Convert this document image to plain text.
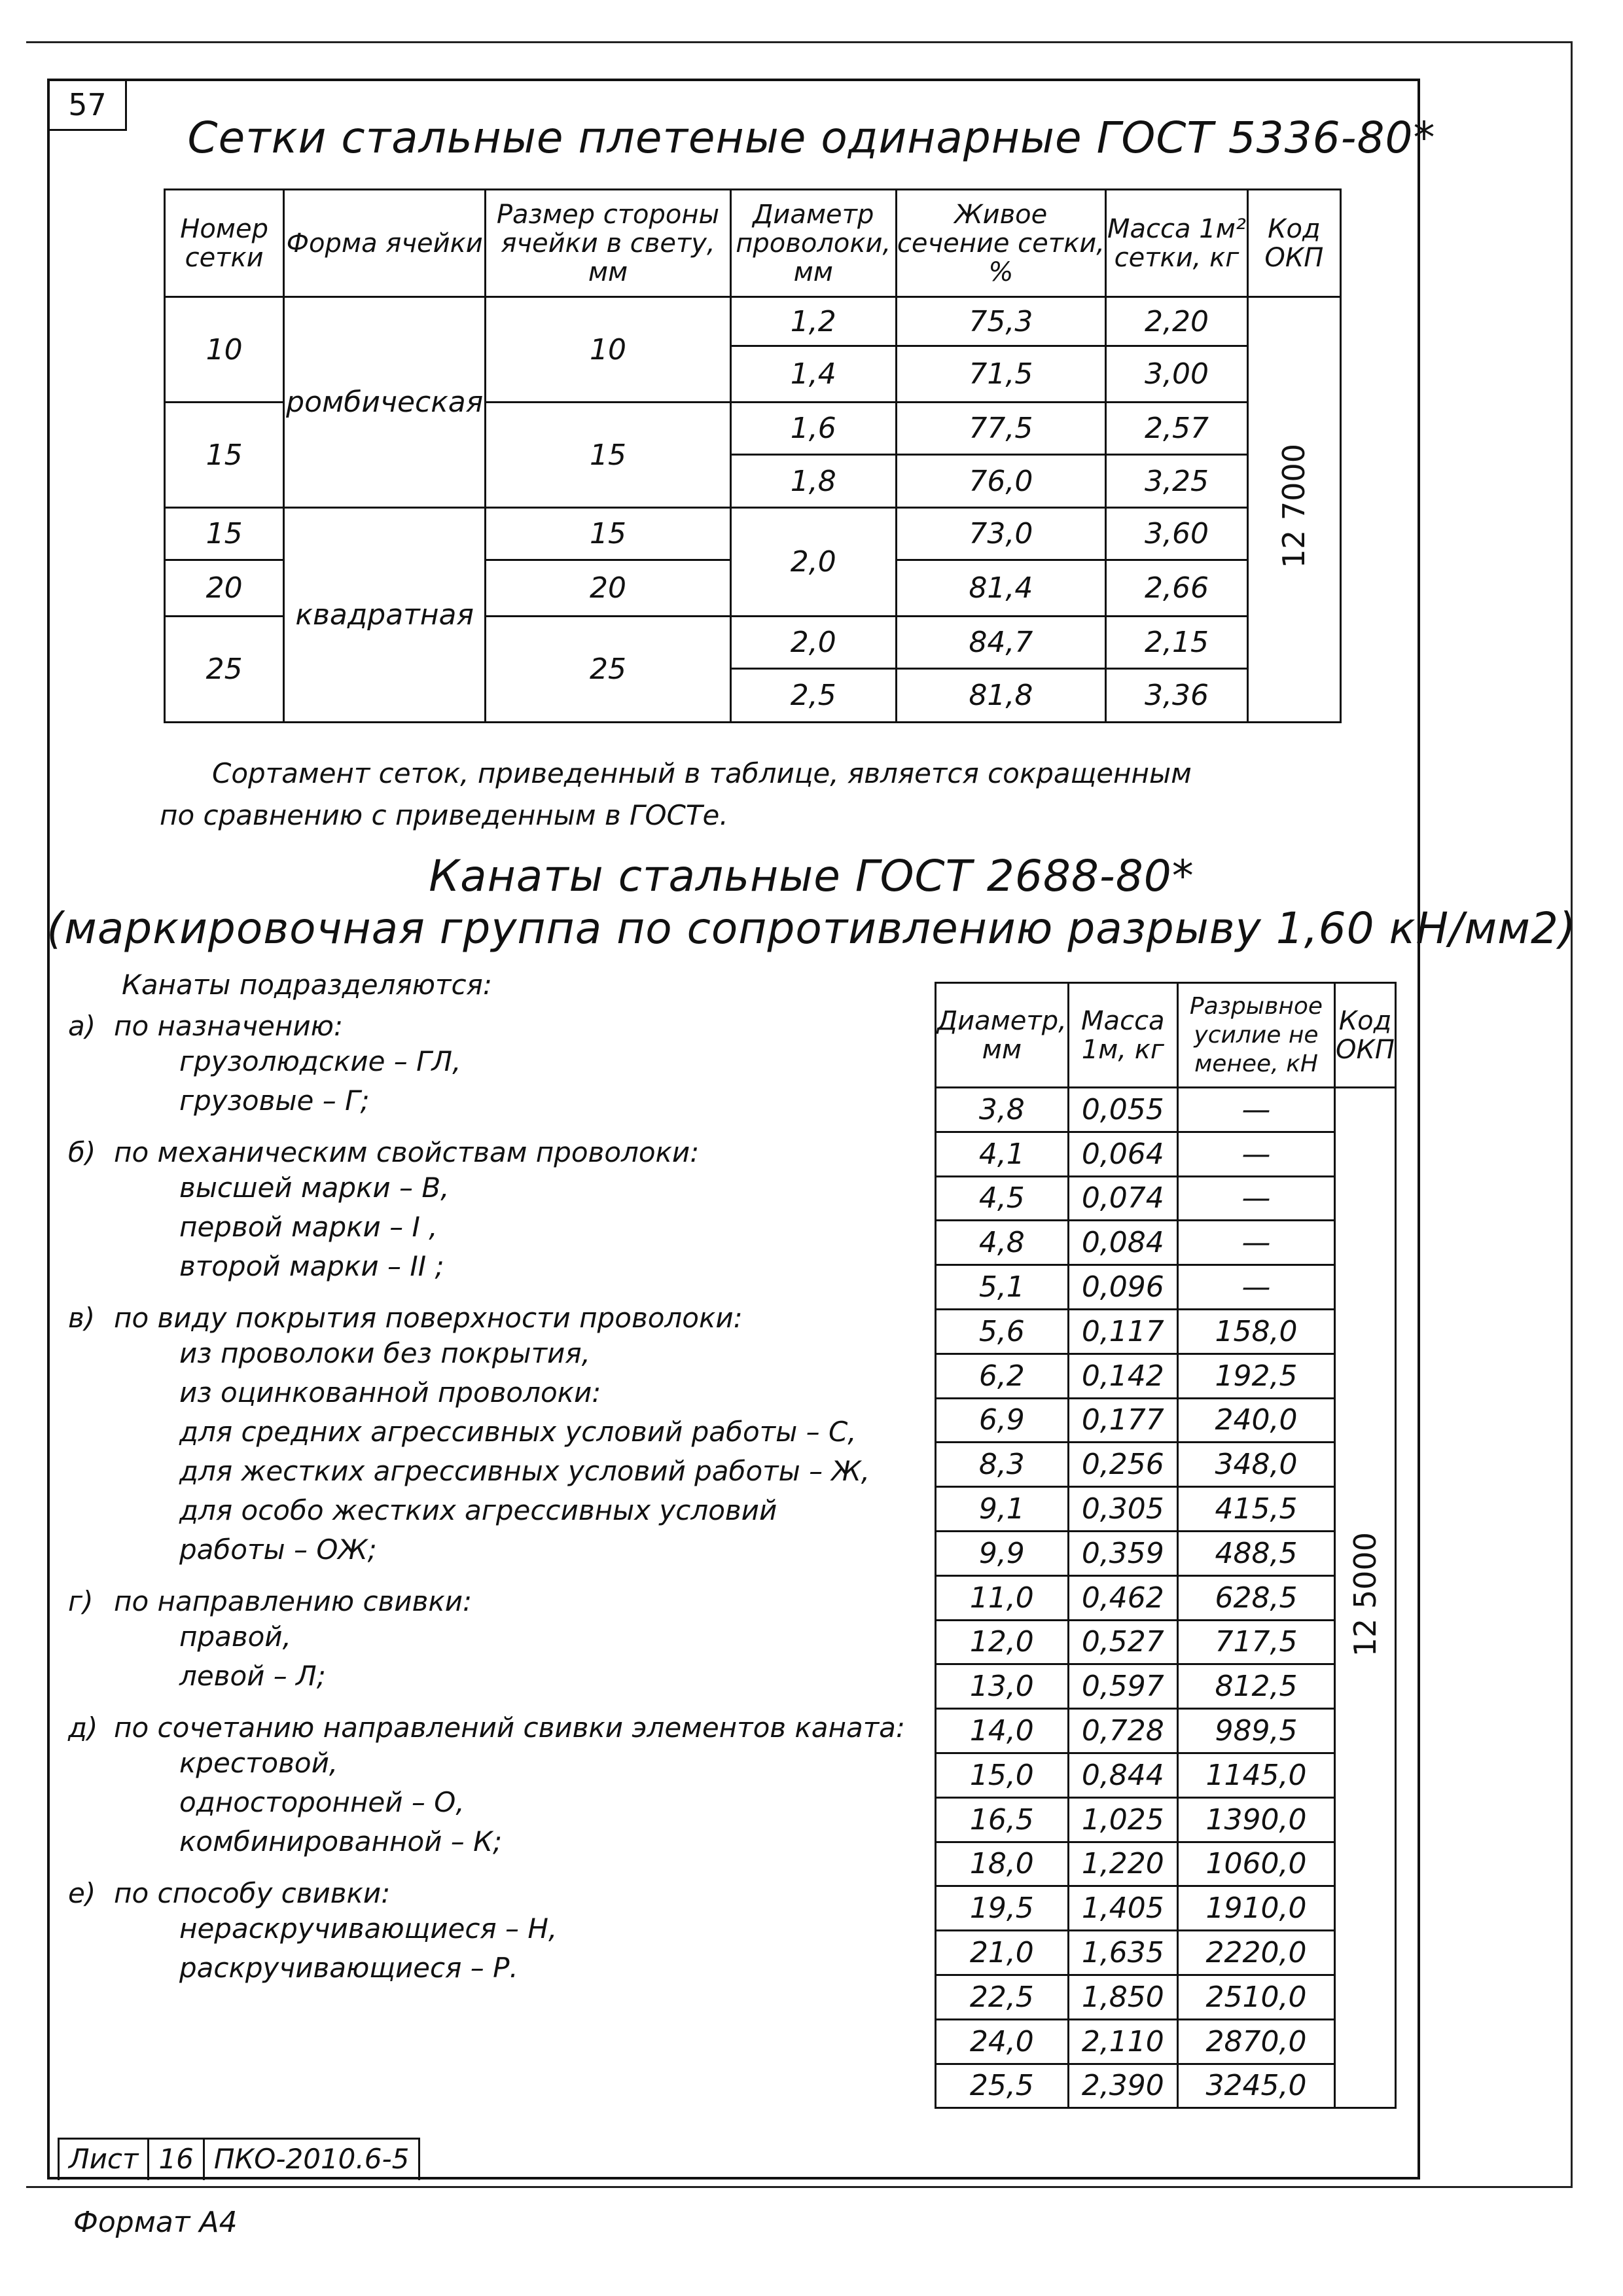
57
Сетки стальные плетеные одинарные ГОСТ 5336-80*
Номер сетки	Форма ячейки	Размер стороны ячейки в свету, мм	Диаметр проволоки, мм	Живое сечение сетки, %	Масса 1м² сетки, кг	Код ОКП
10	ромбическая	10	1,2	75,3	2,20	12 7000
			1,4	71,5	3,00	
15		15	1,6	77,5	2,57	
			1,8	76,0	3,25	
15	квадратная	15	2,0	73,0	3,60	
20		20		81,4	2,66	
25		25	2,0	84,7	2,15	
			2,5	81,8	3,36	
Сортамент сеток, приведенный в таблице, является сокращенным
по сравнению с приведенным в ГОСТе.
Канаты стальные ГОСТ 2688-80*
(маркировочная группа по сопротивлению разрыву 1,60 кН/мм2)
Канаты подразделяются:
а) по назначению:
грузолюдские – ГЛ,
грузовые – Г;
б) по механическим свойствам проволоки:
высшей марки – В,
первой марки – I ,
второй марки – II ;
в) по виду покрытия поверхности проволоки:
из проволоки без покрытия,
из оцинкованной проволоки:
для средних агрессивных условий работы – С,
для жестких агрессивных условий работы – Ж,
для особо жестких агрессивных условий
работы – ОЖ;
г) по направлению свивки:
правой,
левой – Л;
д) по сочетанию направлений свивки элементов каната:
крестовой,
односторонней – О,
комбинированной – К;
е) по способу свивки:
нераскручивающиеся – Н,
раскручивающиеся – Р.
Диаметр, мм	Масса 1м, кг	Разрывное усилие не менее, кН	Код ОКП
3,8	0,055	—	12 5000
4,1	0,064	—	
4,5	0,074	—	
4,8	0,084	—	
5,1	0,096	—	
5,6	0,117	158,0	
6,2	0,142	192,5	
6,9	0,177	240,0	
8,3	0,256	348,0	
9,1	0,305	415,5	
9,9	0,359	488,5	
11,0	0,462	628,5	
12,0	0,527	717,5	
13,0	0,597	812,5	
14,0	0,728	989,5	
15,0	0,844	1145,0	
16,5	1,025	1390,0	
18,0	1,220	1060,0	
19,5	1,405	1910,0	
21,0	1,635	2220,0	
22,5	1,850	2510,0	
24,0	2,110	2870,0	
25,5	2,390	3245,0	
Лист 16 ПКО-2010.6-5
Формат А4
